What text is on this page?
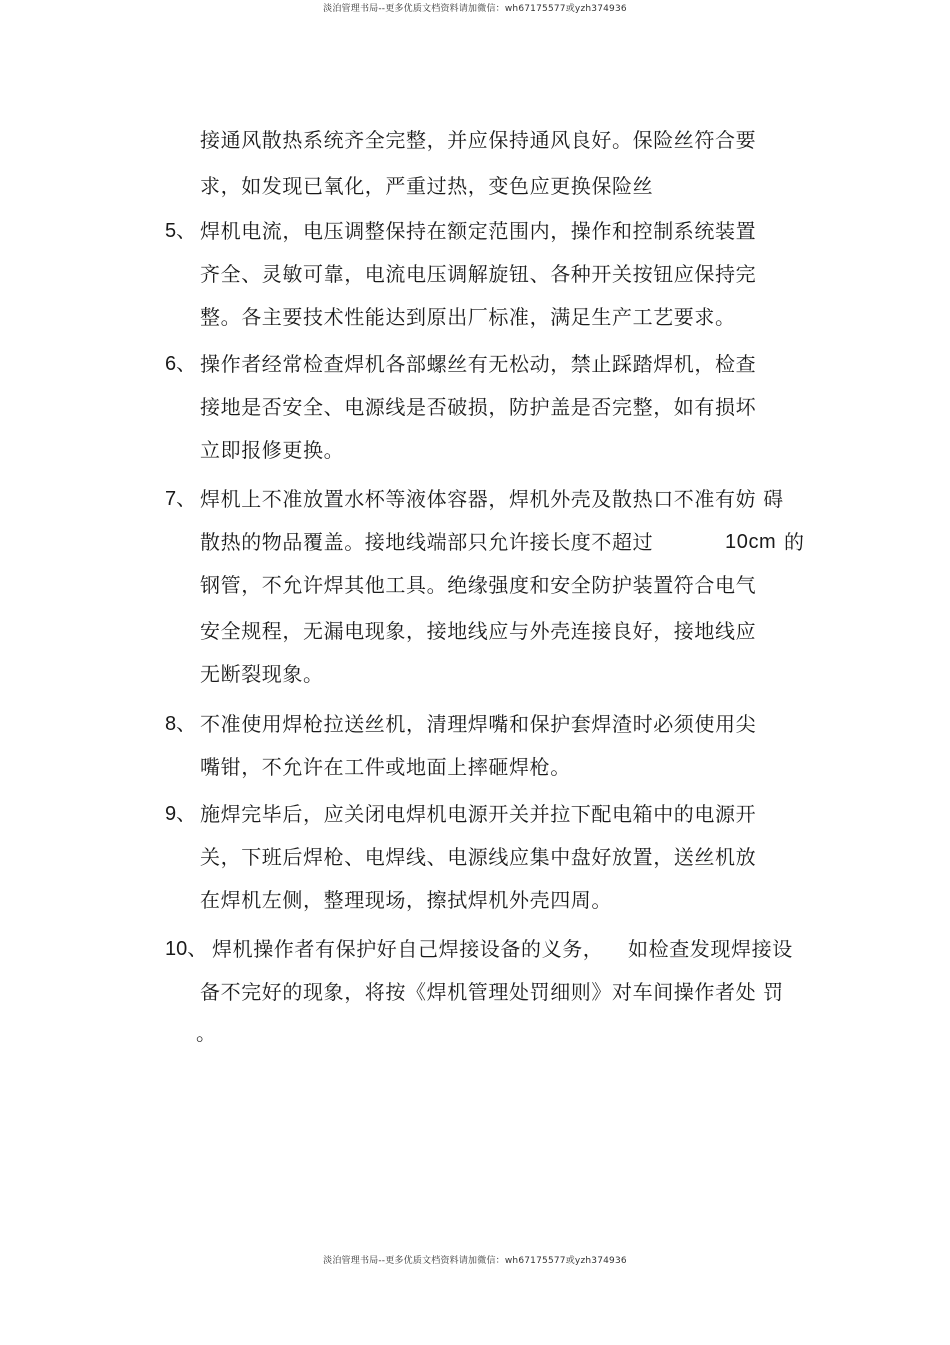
淡泊管理书局--更多优质文档资料请加微信：wh67175577或yzh374936
接通风散热系统齐全完整，并应保持通风良好。保险丝符合要
求，如发现已氧化，严重过热，变色应更换保险丝
5、 焊机电流，电压调整保持在额定范围内，操作和控制系统装置
齐全、灵敏可靠，电流电压调解旋钮、各种开关按钮应保持完
整。各主要技术性能达到原出厂标准，满足生产工艺要求。
6、 操作者经常检查焊机各部螺丝有无松动，禁止踩踏焊机，检查
接地是否安全、电源线是否破损，防护盖是否完整，如有损坏
立即报修更换。
7、 焊机上不准放置水杯等液体容器，焊机外壳及散热口不准有妨 碍
散热的物品覆盖。接地线端部只允许接长度不超过	10cm 的
钢管，不允许焊其他工具。绝缘强度和安全防护装置符合电气
安全规程，无漏电现象，接地线应与外壳连接良好，接地线应
无断裂现象。
8、 不准使用焊枪拉送丝机，清理焊嘴和保护套焊渣时必须使用尖
嘴钳，不允许在工件或地面上摔砸焊枪。
9、 施焊完毕后，应关闭电焊机电源开关并拉下配电箱中的电源开
关，下班后焊枪、电焊线、电源线应集中盘好放置，送丝机放
在焊机左侧，整理现场，擦拭焊机外壳四周。
10、 焊机操作者有保护好自己焊接设备的义务， 如检查发现焊接设
备不完好的现象，将按《焊机管理处罚细则》对车间操作者处 罚
。
淡泊管理书局--更多优质文档资料请加微信：wh67175577或yzh374936
